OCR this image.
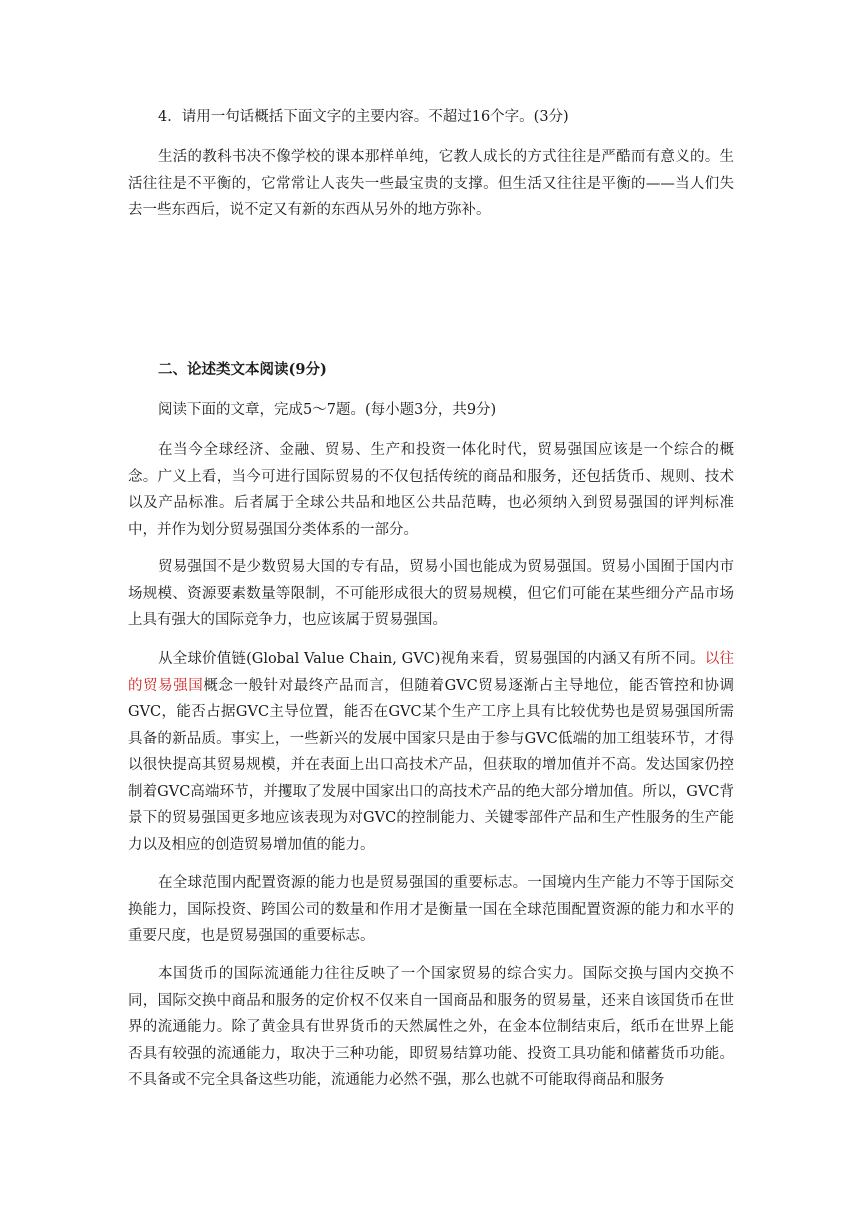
4．请用一句话概括下面文字的主要内容。不超过16个字。(3分)

生活的教科书决不像学校的课本那样单纯，它教人成长的方式往往是严酷而有意义的。生活往往是不平衡的，它常常让人丧失一些最宝贵的支撑。但生活又往往是平衡的——当人们失去一些东西后，说不定又有新的东西从另外的地方弥补。

二、论述类文本阅读(9分)

阅读下面的文章，完成5～7题。(每小题3分，共9分)

在当今全球经济、金融、贸易、生产和投资一体化时代，贸易强国应该是一个综合的概念。广义上看，当今可进行国际贸易的不仅包括传统的商品和服务，还包括货币、规则、技术以及产品标准。后者属于全球公共品和地区公共品范畴，也必须纳入到贸易强国的评判标准中，并作为划分贸易强国分类体系的一部分。

贸易强国不是少数贸易大国的专有品，贸易小国也能成为贸易强国。贸易小国囿于国内市场规模、资源要素数量等限制，不可能形成很大的贸易规模，但它们可能在某些细分产品市场上具有强大的国际竞争力，也应该属于贸易强国。

从全球价值链(Global Value Chain, GVC)视角来看，贸易强国的内涵又有所不同。以往的贸易强国概念一般针对最终产品而言，但随着GVC贸易逐渐占主导地位，能否管控和协调GVC，能否占据GVC主导位置，能否在GVC某个生产工序上具有比较优势也是贸易强国所需具备的新品质。事实上，一些新兴的发展中国家只是由于参与GVC低端的加工组装环节，才得以很快提高其贸易规模，并在表面上出口高技术产品，但获取的增加值并不高。发达国家仍控制着GVC高端环节，并攫取了发展中国家出口的高技术产品的绝大部分增加值。所以，GVC背景下的贸易强国更多地应该表现为对GVC的控制能力、关键零部件产品和生产性服务的生产能力以及相应的创造贸易增加值的能力。

在全球范围内配置资源的能力也是贸易强国的重要标志。一国境内生产能力不等于国际交换能力，国际投资、跨国公司的数量和作用才是衡量一国在全球范围配置资源的能力和水平的重要尺度，也是贸易强国的重要标志。

本国货币的国际流通能力往往反映了一个国家贸易的综合实力。国际交换与国内交换不同，国际交换中商品和服务的定价权不仅来自一国商品和服务的贸易量，还来自该国货币在世界的流通能力。除了黄金具有世界货币的天然属性之外，在金本位制结束后，纸币在世界上能否具有较强的流通能力，取决于三种功能，即贸易结算功能、投资工具功能和储蓄货币功能。不具备或不完全具备这些功能，流通能力必然不强，那么也就不可能取得商品和服务
